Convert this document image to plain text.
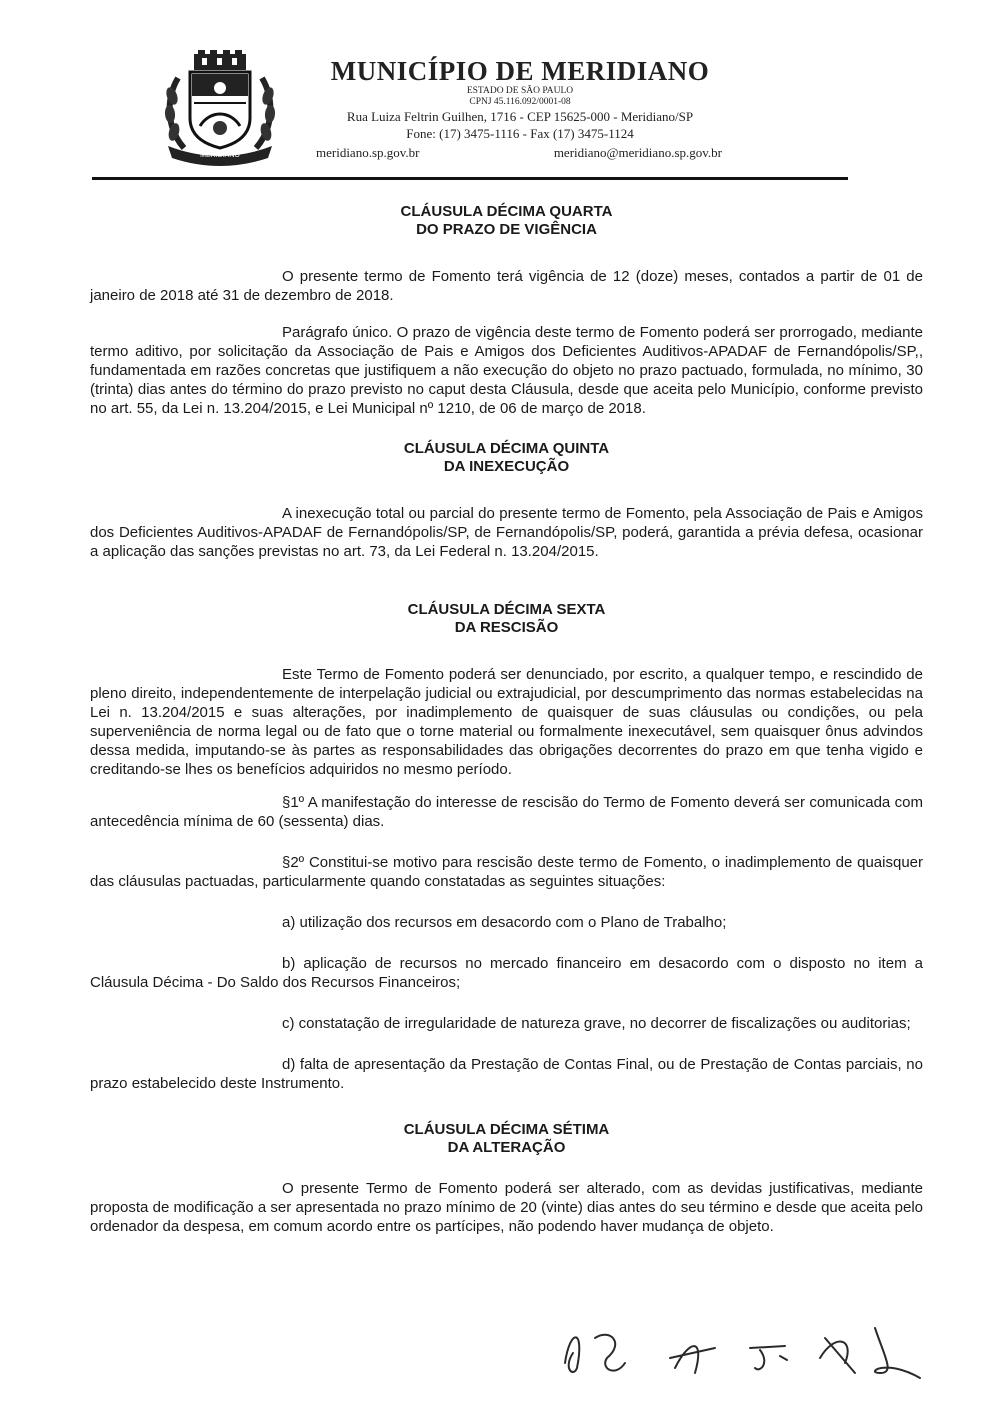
MERIDIANO
MUNICÍPIO DE MERIDIANO
ESTADO DE SÃO PAULO
CPNJ 45.116.092/0001-08
Rua Luiza Feltrin Guilhen, 1716 - CEP 15625-000 - Meridiano/SP
Fone: (17) 3475-1116 - Fax (17) 3475-1124
meridiano.sp.gov.br	meridiano@meridiano.sp.gov.br

CLÁUSULA DÉCIMA QUARTA

DO PRAZO DE VIGÊNCIA

O presente termo de Fomento terá vigência de 12 (doze) meses, contados a partir de 01 de janeiro de 2018 até 31 de dezembro de 2018.

Parágrafo único. O prazo de vigência deste termo de Fomento poderá ser prorrogado, mediante termo aditivo, por solicitação da Associação de Pais e Amigos dos Deficientes Auditivos-APADAF de Fernandópolis/SP,, fundamentada em razões concretas que justifiquem a não execução do objeto no prazo pactuado, formulada, no mínimo, 30 (trinta) dias antes do término do prazo previsto no caput desta Cláusula, desde que aceita pelo Município, conforme previsto no art. 55, da Lei n. 13.204/2015, e Lei Municipal nº 1210, de 06 de março de 2018.

CLÁUSULA DÉCIMA QUINTA

DA INEXECUÇÃO

A inexecução total ou parcial do presente termo de Fomento, pela Associação de Pais e Amigos dos Deficientes Auditivos-APADAF de Fernandópolis/SP, de Fernandópolis/SP, poderá, garantida a prévia defesa, ocasionar a aplicação das sanções previstas no art. 73, da Lei Federal n. 13.204/2015.

CLÁUSULA DÉCIMA SEXTA

DA RESCISÃO

Este Termo de Fomento poderá ser denunciado, por escrito, a qualquer tempo, e rescindido de pleno direito, independentemente de interpelação judicial ou extrajudicial, por descumprimento das normas estabelecidas na Lei n. 13.204/2015 e suas alterações, por inadimplemento de quaisquer de suas cláusulas ou condições, ou pela superveniência de norma legal ou de fato que o torne material ou formalmente inexecutável, sem quaisquer ônus advindos dessa medida, imputando-se às partes as responsabilidades das obrigações decorrentes do prazo em que tenha vigido e creditando-se lhes os benefícios adquiridos no mesmo período.

§1º A manifestação do interesse de rescisão do Termo de Fomento deverá ser comunicada com antecedência mínima de 60 (sessenta) dias.

§2º Constitui-se motivo para rescisão deste termo de Fomento, o inadimplemento de quaisquer das cláusulas pactuadas, particularmente quando constatadas as seguintes situações:

a) utilização dos recursos em desacordo com o Plano de Trabalho;

b) aplicação de recursos no mercado financeiro em desacordo com o disposto no item a Cláusula Décima - Do Saldo dos Recursos Financeiros;

c) constatação de irregularidade de natureza grave, no decorrer de fiscalizações ou auditorias;

d) falta de apresentação da Prestação de Contas Final, ou de Prestação de Contas parciais, no prazo estabelecido deste Instrumento.

CLÁUSULA DÉCIMA SÉTIMA

DA ALTERAÇÃO

O presente Termo de Fomento poderá ser alterado, com as devidas justificativas, mediante proposta de modificação a ser apresentada no prazo mínimo de 20 (vinte) dias antes do seu término e desde que aceita pelo ordenador da despesa, em comum acordo entre os partícipes, não podendo haver mudança de objeto.
